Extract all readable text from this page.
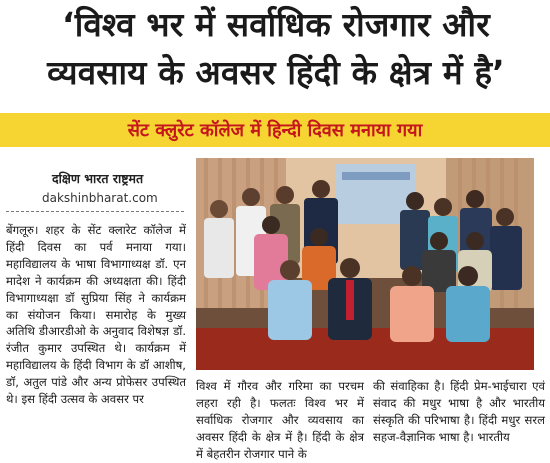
‘विश्व भर में सर्वाधिक रोजगार और
व्यवसाय के अवसर हिंदी के क्षेत्र में है’
सेंट क्लुरेट कॉलेज में हिन्दी दिवस मनाया गया
दक्षिण भारत राष्ट्रमत
dakshinbharat.com

बेंगलूरु। शहर के सेंट क्लारेट कॉलेज में हिंदी दिवस का पर्व मनाया गया। महाविद्यालय के भाषा विभागाध्यक्ष डॉ. एन मादेश ने कार्यक्रम की अध्यक्षता की। हिंदी विभागाध्यक्षा डॉ सुप्रिया सिंह ने कार्यक्रम का संयोजन किया। समारोह के मुख्य अतिथि डीआरडीओ के अनुवाद विशेषज्ञ डॉ. रंजीत कुमार उपस्थित थे। कार्यक्रम में महाविद्यालय के हिंदी विभाग के डॉ आशीष, डॉ, अतुल पांडे और अन्य प्रोफेसर उपस्थित थे। इस हिंदी उत्सव के अवसर पर

विश्व में गौरव और गरिमा का परचम लहरा रही है। फलतः विश्व भर में सर्वाधिक रोजगार और व्यवसाय का अवसर हिंदी के क्षेत्र में है। हिंदी के क्षेत्र में बेहतरीन रोजगार पाने के

की संवाहिका है। हिंदी प्रेम-भाईचारा एवं संवाद की मधुर भाषा है और भारतीय संस्कृति की परिभाषा है। हिंदी मधुर सरल सहज-वैज्ञानिक भाषा है। भारतीय
